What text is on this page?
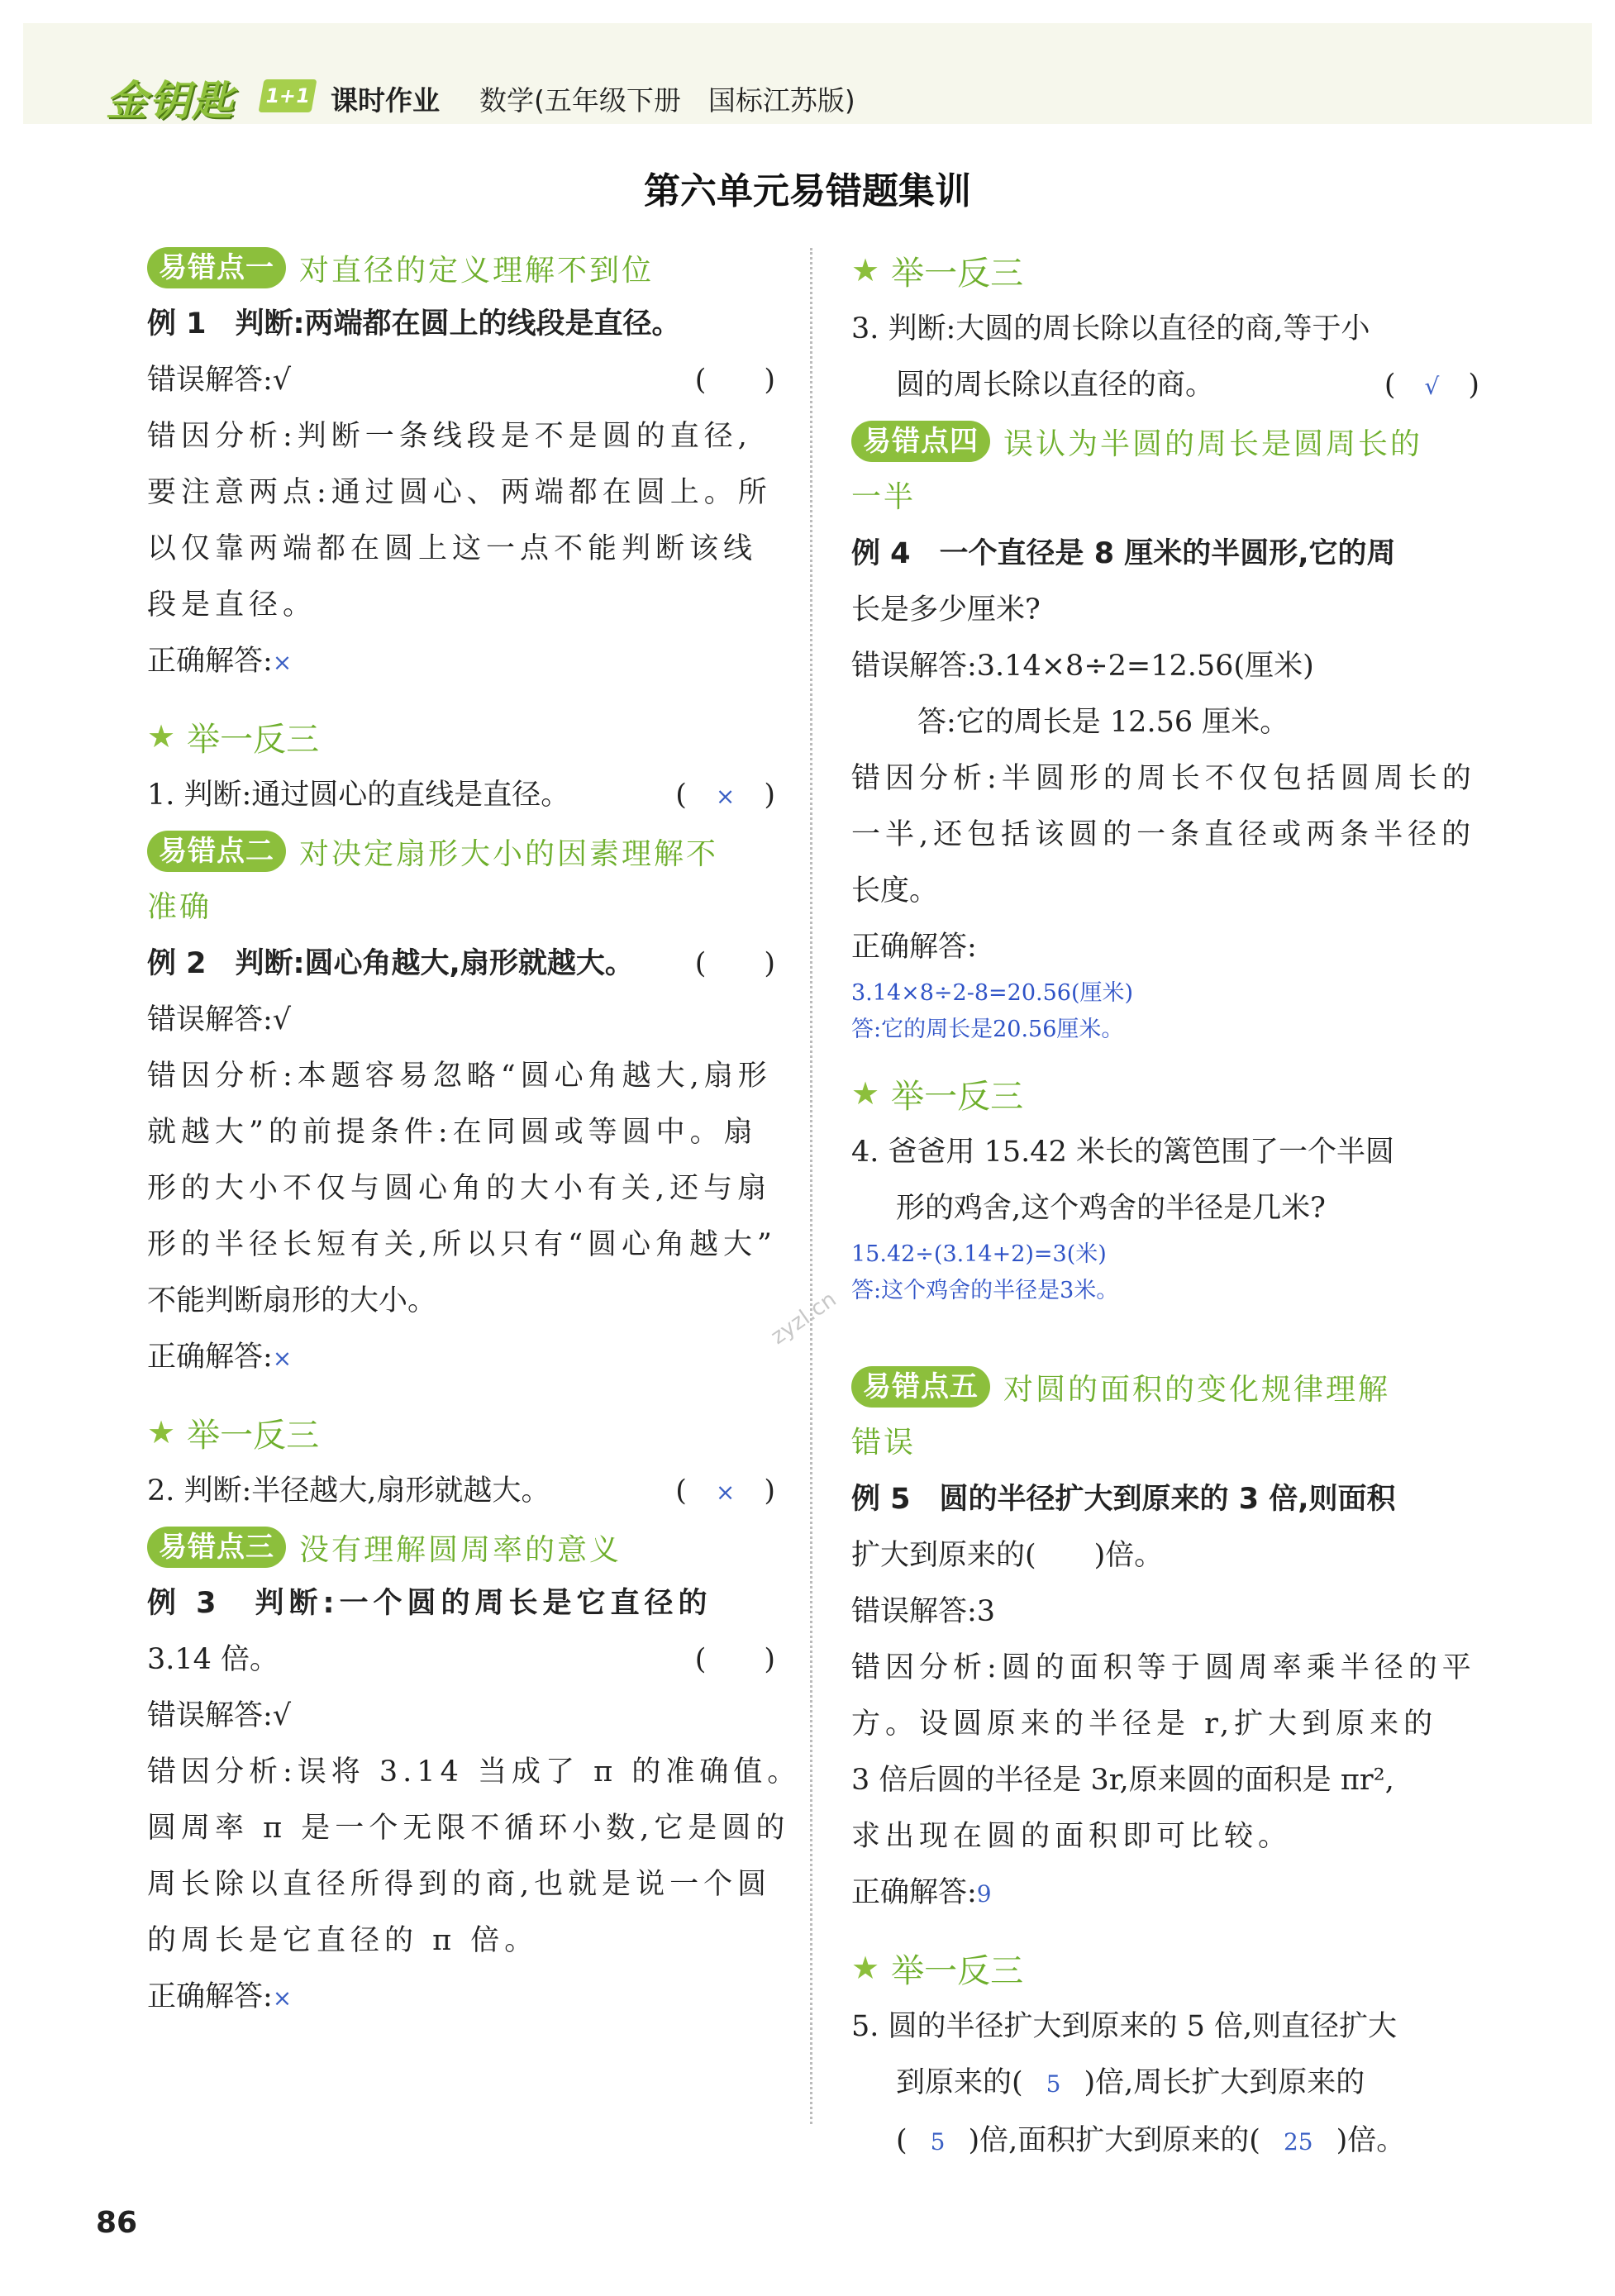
金钥匙 1+1 课时作业 数学(五年级下册　国标江苏版)
第六单元易错题集训
易错点一 对直径的定义理解不到位
例 1　判断:两端都在圆上的线段是直径。
(　　)
错误解答:√
错因分析:判断一条线段是不是圆的直径,
要注意两点:通过圆心、两端都在圆上。所
以仅靠两端都在圆上这一点不能判断该线
段是直径。
正确解答:×
★ 举一反三
1. 判断:通过圆心的直线是直径。	(　×　)
易错点二 对决定扇形大小的因素理解不
准确
例 2　判断:圆心角越大,扇形就越大。 (　　)
错误解答:√
错因分析:本题容易忽略“圆心角越大,扇形
就越大”的前提条件:在同圆或等圆中。扇
形的大小不仅与圆心角的大小有关,还与扇
形的半径长短有关,所以只有“圆心角越大”
不能判断扇形的大小。
正确解答:×
★ 举一反三
2. 判断:半径越大,扇形就越大。	(　×　)
易错点三 没有理解圆周率的意义
例 3　判断:一个圆的周长是它直径的
3.14 倍。	(　　)
错误解答:√
错因分析:误将 3.14 当成了 π 的准确值。
圆周率 π 是一个无限不循环小数,它是圆的
周长除以直径所得到的商,也就是说一个圆
的周长是它直径的 π 倍。
正确解答:×
★ 举一反三
3. 判断:大圆的周长除以直径的商,等于小
圆的周长除以直径的商。	(　√　)
易错点四 误认为半圆的周长是圆周长的
一半
例 4　一个直径是 8 厘米的半圆形,它的周
长是多少厘米?
错误解答:3.14×8÷2=12.56(厘米)
答:它的周长是 12.56 厘米。
错因分析:半圆形的周长不仅包括圆周长的
一半,还包括该圆的一条直径或两条半径的
长度。
正确解答:
3.14×8÷2-8=20.56(厘米)
答:它的周长是20.56厘米。
★ 举一反三
4. 爸爸用 15.42 米长的篱笆围了一个半圆
形的鸡舍,这个鸡舍的半径是几米?
15.42÷(3.14+2)=3(米)
答:这个鸡舍的半径是3米。
易错点五 对圆的面积的变化规律理解
错误
例 5　圆的半径扩大到原来的 3 倍,则面积
扩大到原来的(　　)倍。
错误解答:3
错因分析:圆的面积等于圆周率乘半径的平
方。设圆原来的半径是 r,扩大到原来的
3 倍后圆的半径是 3r,原来圆的面积是 πr²,
求出现在圆的面积即可比较。
正确解答:9
★ 举一反三
5. 圆的半径扩大到原来的 5 倍,则直径扩大
到原来的(　 5　 )倍,周长扩大到原来的
(　 5　 )倍,面积扩大到原来的(　 25　 )倍。
zyzl.cn
86
